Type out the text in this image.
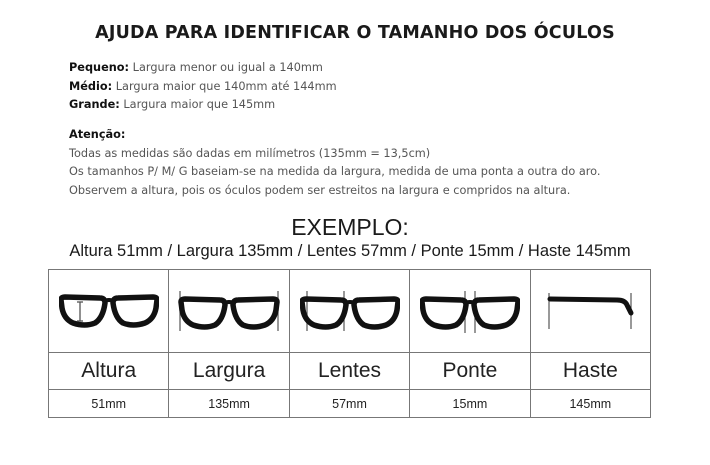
AJUDA PARA IDENTIFICAR O TAMANHO DOS ÓCULOS
Pequeno: Largura menor ou igual a 140mm
Médio: Largura maior que 140mm até 144mm
Grande: Largura maior que 145mm
Atenção:
Todas as medidas são dadas em milímetros (135mm = 13,5cm)
Os tamanhos P/ M/ G baseiam-se na medida da largura, medida de uma ponta a outra do aro.
Observem a altura, pois os óculos podem ser estreitos na largura e compridos na altura.
EXEMPLO:
Altura 51mm / Largura 135mm / Lentes 57mm / Ponte 15mm / Haste 145mm
Altura
51mm
Largura
135mm
Lentes
57mm
Ponte
15mm
Haste
145mm
